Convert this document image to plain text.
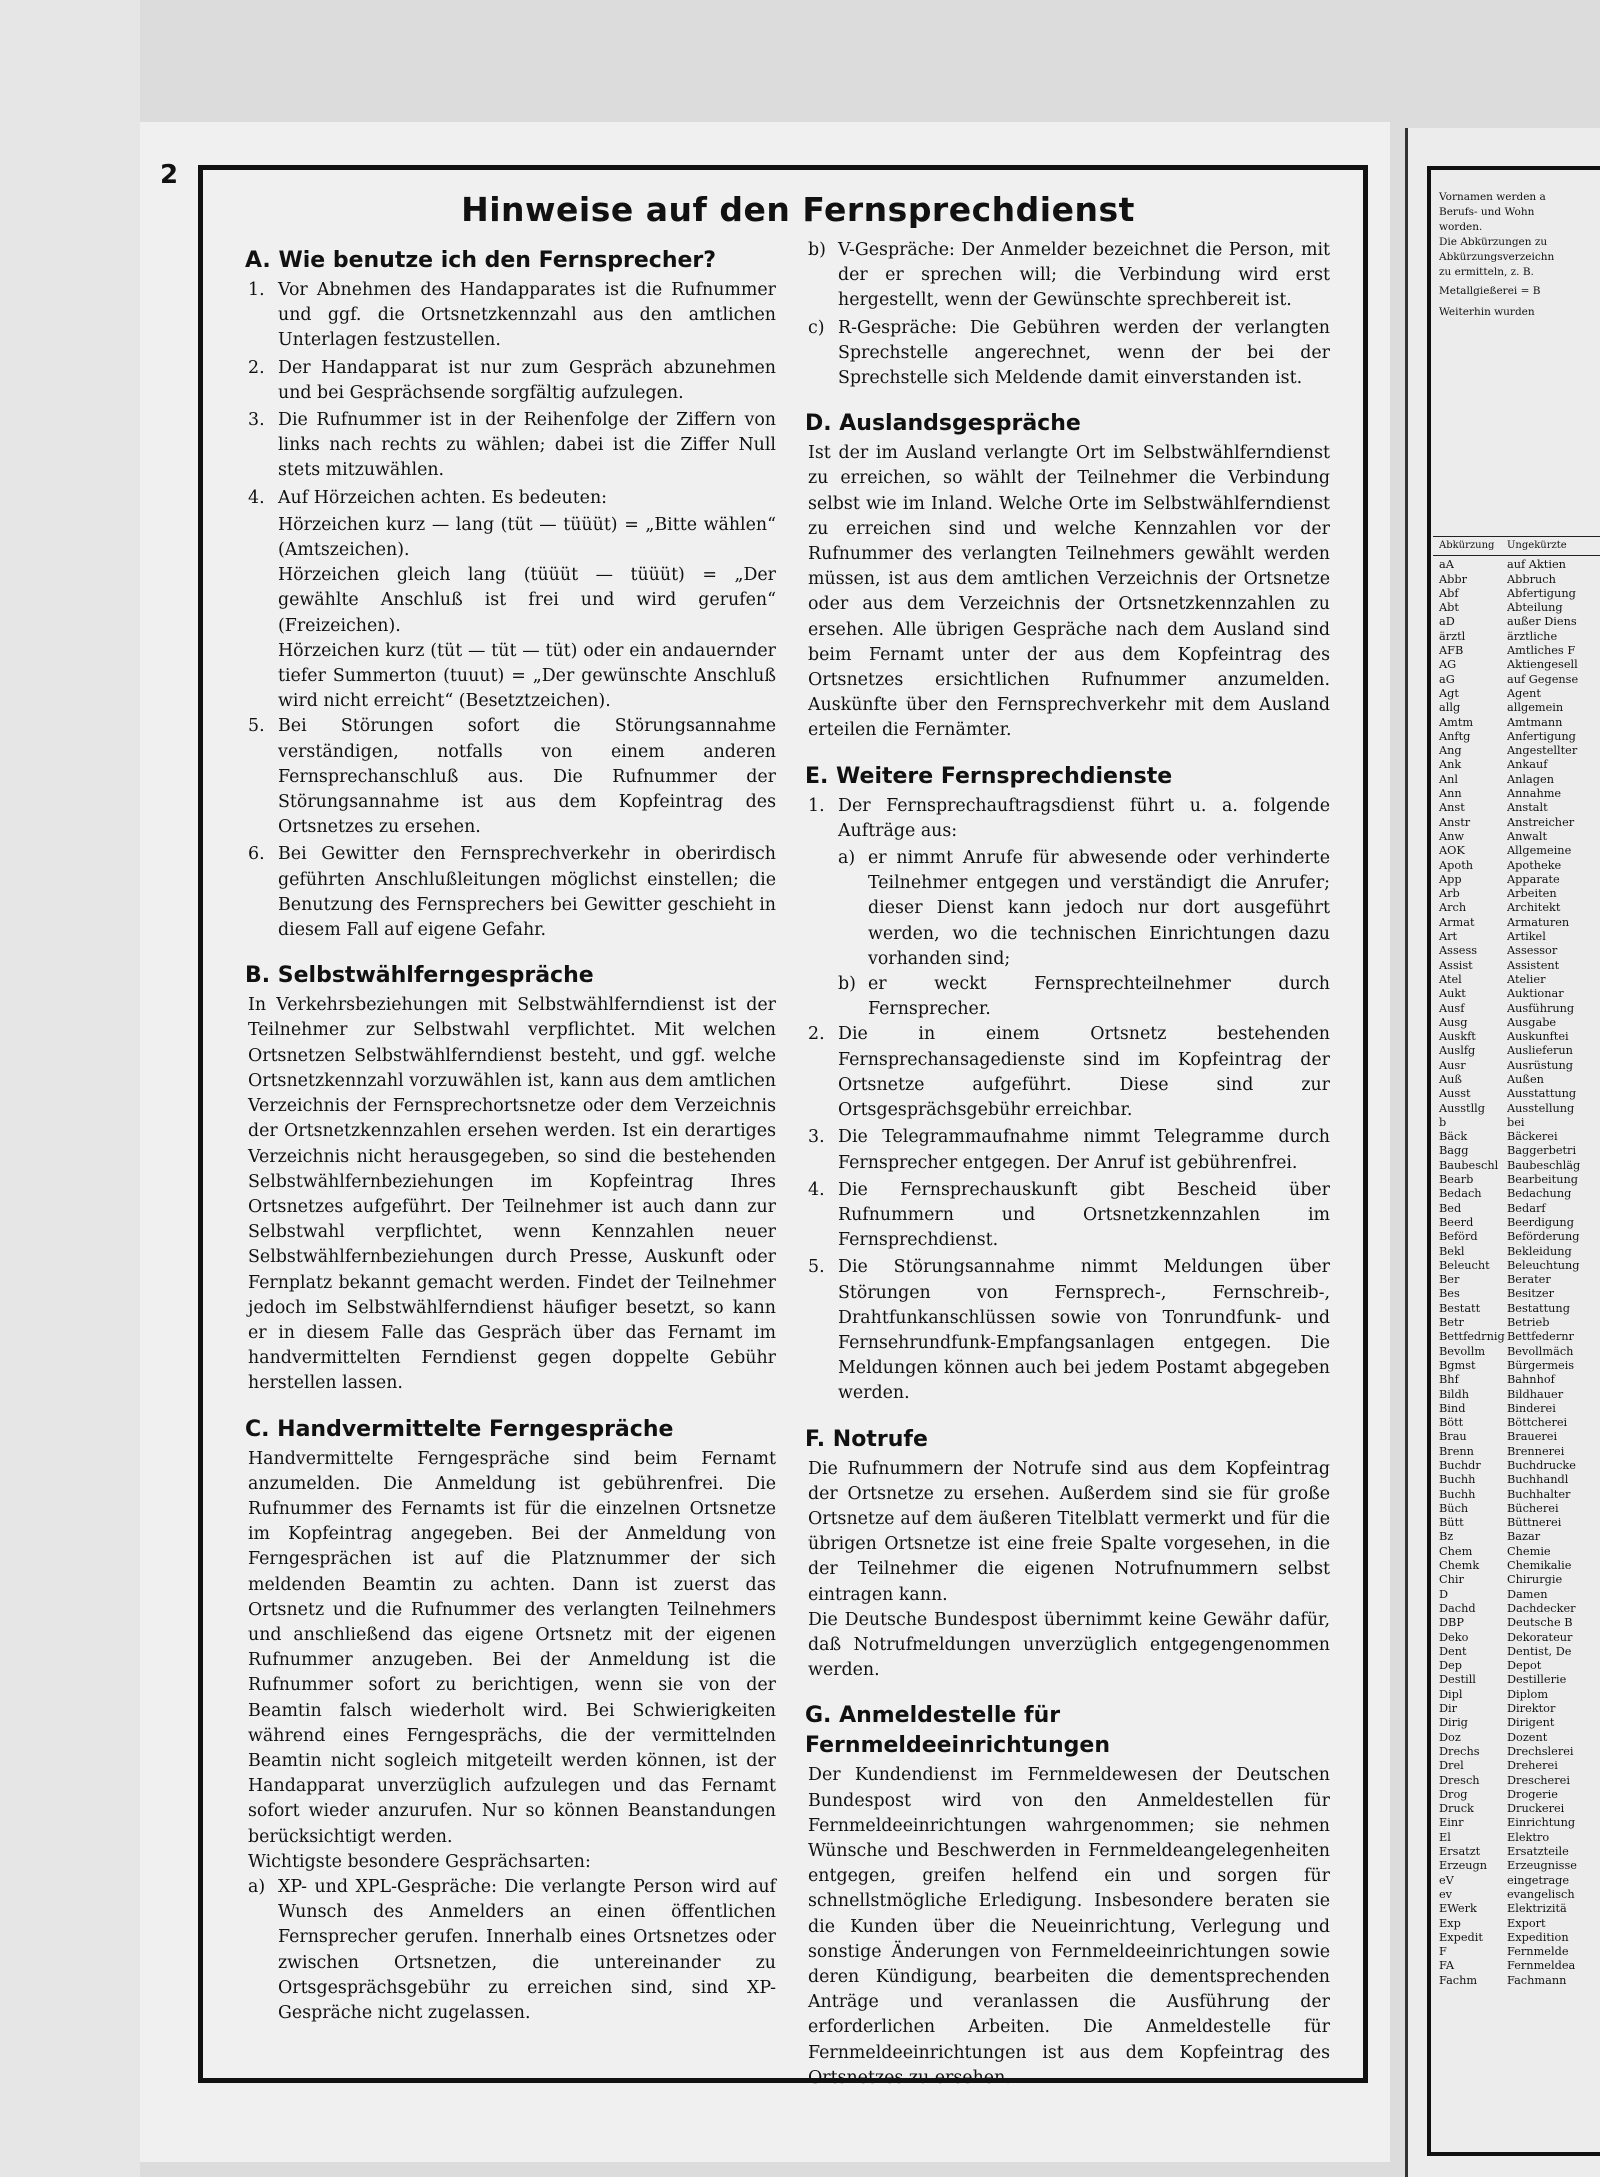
2
Hinweise auf den Fernsprechdienst
A. Wie benutze ich den Fernsprecher?
1. Vor Abnehmen des Handapparates ist die Rufnummer und ggf. die Ortsnetzkennzahl aus den amtlichen Unterlagen festzustellen.
2. Der Handapparat ist nur zum Gespräch abzunehmen und bei Gesprächsende sorgfältig aufzulegen.
3. Die Rufnummer ist in der Reihenfolge der Ziffern von links nach rechts zu wählen; dabei ist die Ziffer Null stets mitzuwählen.
4. Auf Hörzeichen achten. Es bedeuten:

Hörzeichen kurz — lang (tüt — tüüüt) = „Bitte wählen“ (Amtszeichen).

Hörzeichen gleich lang (tüüüt — tüüüt) = „Der gewählte Anschluß ist frei und wird gerufen“ (Freizeichen).

Hörzeichen kurz (tüt — tüt — tüt) oder ein andauernder tiefer Summerton (tuuut) = „Der gewünschte Anschluß wird nicht erreicht“ (Besetztzeichen).

5. Bei Störungen sofort die Störungsannahme verständigen, notfalls von einem anderen Fernsprechanschluß aus. Die Rufnummer der Störungsannahme ist aus dem Kopfeintrag des Ortsnetzes zu ersehen.
6. Bei Gewitter den Fernsprechverkehr in oberirdisch geführten Anschlußleitungen möglichst einstellen; die Benutzung des Fernsprechers bei Gewitter geschieht in diesem Fall auf eigene Gefahr.
B. Selbstwählferngespräche

In Verkehrsbeziehungen mit Selbstwählferndienst ist der Teilnehmer zur Selbstwahl verpflichtet. Mit welchen Ortsnetzen Selbstwählferndienst besteht, und ggf. welche Ortsnetzkennzahl vorzuwählen ist, kann aus dem amtlichen Verzeichnis der Fernsprechortsnetze oder dem Verzeichnis der Ortsnetzkennzahlen ersehen werden. Ist ein derartiges Verzeichnis nicht herausgegeben, so sind die bestehenden Selbstwählfernbeziehungen im Kopfeintrag Ihres Ortsnetzes aufgeführt. Der Teilnehmer ist auch dann zur Selbstwahl verpflichtet, wenn Kennzahlen neuer Selbstwählfernbeziehungen durch Presse, Auskunft oder Fernplatz bekannt gemacht werden. Findet der Teilnehmer jedoch im Selbstwählferndienst häufiger besetzt, so kann er in diesem Falle das Gespräch über das Fernamt im handvermittelten Ferndienst gegen doppelte Gebühr herstellen lassen.

C. Handvermittelte Ferngespräche

Handvermittelte Ferngespräche sind beim Fernamt anzumelden. Die Anmeldung ist gebührenfrei. Die Rufnummer des Fernamts ist für die einzelnen Ortsnetze im Kopfeintrag angegeben. Bei der Anmeldung von Ferngesprächen ist auf die Platznummer der sich meldenden Beamtin zu achten. Dann ist zuerst das Ortsnetz und die Rufnummer des verlangten Teilnehmers und anschließend das eigene Ortsnetz mit der eigenen Rufnummer anzugeben. Bei der Anmeldung ist die Rufnummer sofort zu berichtigen, wenn sie von der Beamtin falsch wiederholt wird. Bei Schwierigkeiten während eines Ferngesprächs, die der vermittelnden Beamtin nicht sogleich mitgeteilt werden können, ist der Handapparat unverzüglich aufzulegen und das Fernamt sofort wieder anzurufen. Nur so können Beanstandungen berücksichtigt werden.

Wichtigste besondere Gesprächsarten:

a) XP- und XPL-Gespräche: Die verlangte Person wird auf Wunsch des Anmelders an einen öffentlichen Fernsprecher gerufen. Innerhalb eines Ortsnetzes oder zwischen Ortsnetzen, die untereinander zu Ortsgesprächsgebühr zu erreichen sind, sind XP-Gespräche nicht zugelassen.
b) V-Gespräche: Der Anmelder bezeichnet die Person, mit der er sprechen will; die Verbindung wird erst hergestellt, wenn der Gewünschte sprechbereit ist.
c) R-Gespräche: Die Gebühren werden der verlangten Sprechstelle angerechnet, wenn der bei der Sprechstelle sich Meldende damit einverstanden ist.
D. Auslandsgespräche

Ist der im Ausland verlangte Ort im Selbstwählferndienst zu erreichen, so wählt der Teilnehmer die Verbindung selbst wie im Inland. Welche Orte im Selbstwählferndienst zu erreichen sind und welche Kennzahlen vor der Rufnummer des verlangten Teilnehmers gewählt werden müssen, ist aus dem amtlichen Verzeichnis der Ortsnetze oder aus dem Verzeichnis der Ortsnetzkennzahlen zu ersehen. Alle übrigen Gespräche nach dem Ausland sind beim Fernamt unter der aus dem Kopfeintrag des Ortsnetzes ersichtlichen Rufnummer anzumelden. Auskünfte über den Fernsprechverkehr mit dem Ausland erteilen die Fernämter.

E. Weitere Fernsprechdienste
1. Der Fernsprechauftragsdienst führt u. a. folgende Aufträge aus:
a) er nimmt Anrufe für abwesende oder verhinderte Teilnehmer entgegen und verständigt die Anrufer; dieser Dienst kann jedoch nur dort ausgeführt werden, wo die technischen Einrichtungen dazu vorhanden sind;
b) er weckt Fernsprechteilnehmer durch Fernsprecher.
2. Die in einem Ortsnetz bestehenden Fernsprechansagedienste sind im Kopfeintrag der Ortsnetze aufgeführt. Diese sind zur Ortsgesprächsgebühr erreichbar.
3. Die Telegrammaufnahme nimmt Telegramme durch Fernsprecher entgegen. Der Anruf ist gebührenfrei.
4. Die Fernsprechauskunft gibt Bescheid über Rufnummern und Ortsnetzkennzahlen im Fernsprechdienst.
5. Die Störungsannahme nimmt Meldungen über Störungen von Fernsprech-, Fernschreib-, Drahtfunkanschlüssen sowie von Tonrundfunk- und Fernsehrundfunk-Empfangsanlagen entgegen. Die Meldungen können auch bei jedem Postamt abgegeben werden.
F. Notrufe

Die Rufnummern der Notrufe sind aus dem Kopfeintrag der Ortsnetze zu ersehen. Außerdem sind sie für große Ortsnetze auf dem äußeren Titelblatt vermerkt und für die übrigen Ortsnetze ist eine freie Spalte vorgesehen, in die der Teilnehmer die eigenen Notrufnummern selbst eintragen kann.

Die Deutsche Bundespost übernimmt keine Gewähr dafür, daß Notrufmeldungen unverzüglich entgegengenommen werden.

G. Anmeldestelle für Fernmeldeeinrichtungen

Der Kundendienst im Fernmeldewesen der Deutschen Bundespost wird von den Anmeldestellen für Fernmeldeeinrichtungen wahrgenommen; sie nehmen Wünsche und Beschwerden in Fernmeldeangelegenheiten entgegen, greifen helfend ein und sorgen für schnellstmögliche Erledigung. Insbesondere beraten sie die Kunden über die Neueinrichtung, Verlegung und sonstige Änderungen von Fernmeldeeinrichtungen sowie deren Kündigung, bearbeiten die dementsprechenden Anträge und veranlassen die Ausführung der erforderlichen Arbeiten. Die Anmeldestelle für Fernmeldeeinrichtungen ist aus dem Kopfeintrag des Ortsnetzes zu ersehen.

Vornamen werden a
Berufs- und Wohn
worden.
Die Abkürzungen zu
Abkürzungsverzeichn
zu ermitteln, z. B.
Metallgießerei = B
Weiterhin wurden
Abkürzung	Ungekürzte
aA	auf Aktien
Abbr	Abbruch
Abf	Abfertigung
Abt	Abteilung
aD	außer Diens
ärztl	ärztliche
AFB	Amtliches F
AG	Aktiengesell
aG	auf Gegense
Agt	Agent
allg	allgemein
Amtm	Amtmann
Anftg	Anfertigung
Ang	Angestellter
Ank	Ankauf
Anl	Anlagen
Ann	Annahme
Anst	Anstalt
Anstr	Anstreicher
Anw	Anwalt
AOK	Allgemeine
Apoth	Apotheke
App	Apparate
Arb	Arbeiten
Arch	Architekt
Armat	Armaturen
Art	Artikel
Assess	Assessor
Assist	Assistent
Atel	Atelier
Aukt	Auktionar
Ausf	Ausführung
Ausg	Ausgabe
Auskft	Auskunftei
Auslfg	Auslieferun
Ausr	Ausrüstung
Auß	Außen
Ausst	Ausstattung
Ausstllg	Ausstellung
b	bei
Bäck	Bäckerei
Bagg	Baggerbetri
Baubeschl Baubeschläg
Bearb	Bearbeitung
Bedach	Bedachung
Bed	Bedarf
Beerd	Beerdigung
Beförd	Beförderung
Bekl	Bekleidung
Beleucht	Beleuchtung
Ber	Berater
Bes	Besitzer
Bestatt	Bestattung
Betr	Betrieb
Bettfedrnig Bettfedernr
Bevollm	Bevollmäch
Bgmst	Bürgermeis
Bhf	Bahnhof
Bildh	Bildhauer
Bind	Binderei
Bött	Böttcherei
Brau	Brauerei
Brenn	Brennerei
Buchdr	Buchdrucke
Buchh	Buchhandl
Buchh	Buchhalter
Büch	Bücherei
Bütt	Büttnerei
Bz	Bazar
Chem	Chemie
Chemk	Chemikalie
Chir	Chirurgie
D	Damen
Dachd	Dachdecker
DBP	Deutsche B
Deko	Dekorateur
Dent	Dentist, De
Dep	Depot
Destill	Destillerie
Dipl	Diplom
Dir	Direktor
Dirig	Dirigent
Doz	Dozent
Drechs	Drechslerei
Drel	Dreherei
Dresch	Drescherei
Drog	Drogerie
Druck	Druckerei
Einr	Einrichtung
El	Elektro
Ersatzt	Ersatzteile
Erzeugn	Erzeugnisse
eV	eingetrage
ev	evangelisch
EWerk	Elektrizitä
Exp	Export
Expedit	Expedition
F	Fernmelde
FA	Fernmeldea
Fachm	Fachmann
